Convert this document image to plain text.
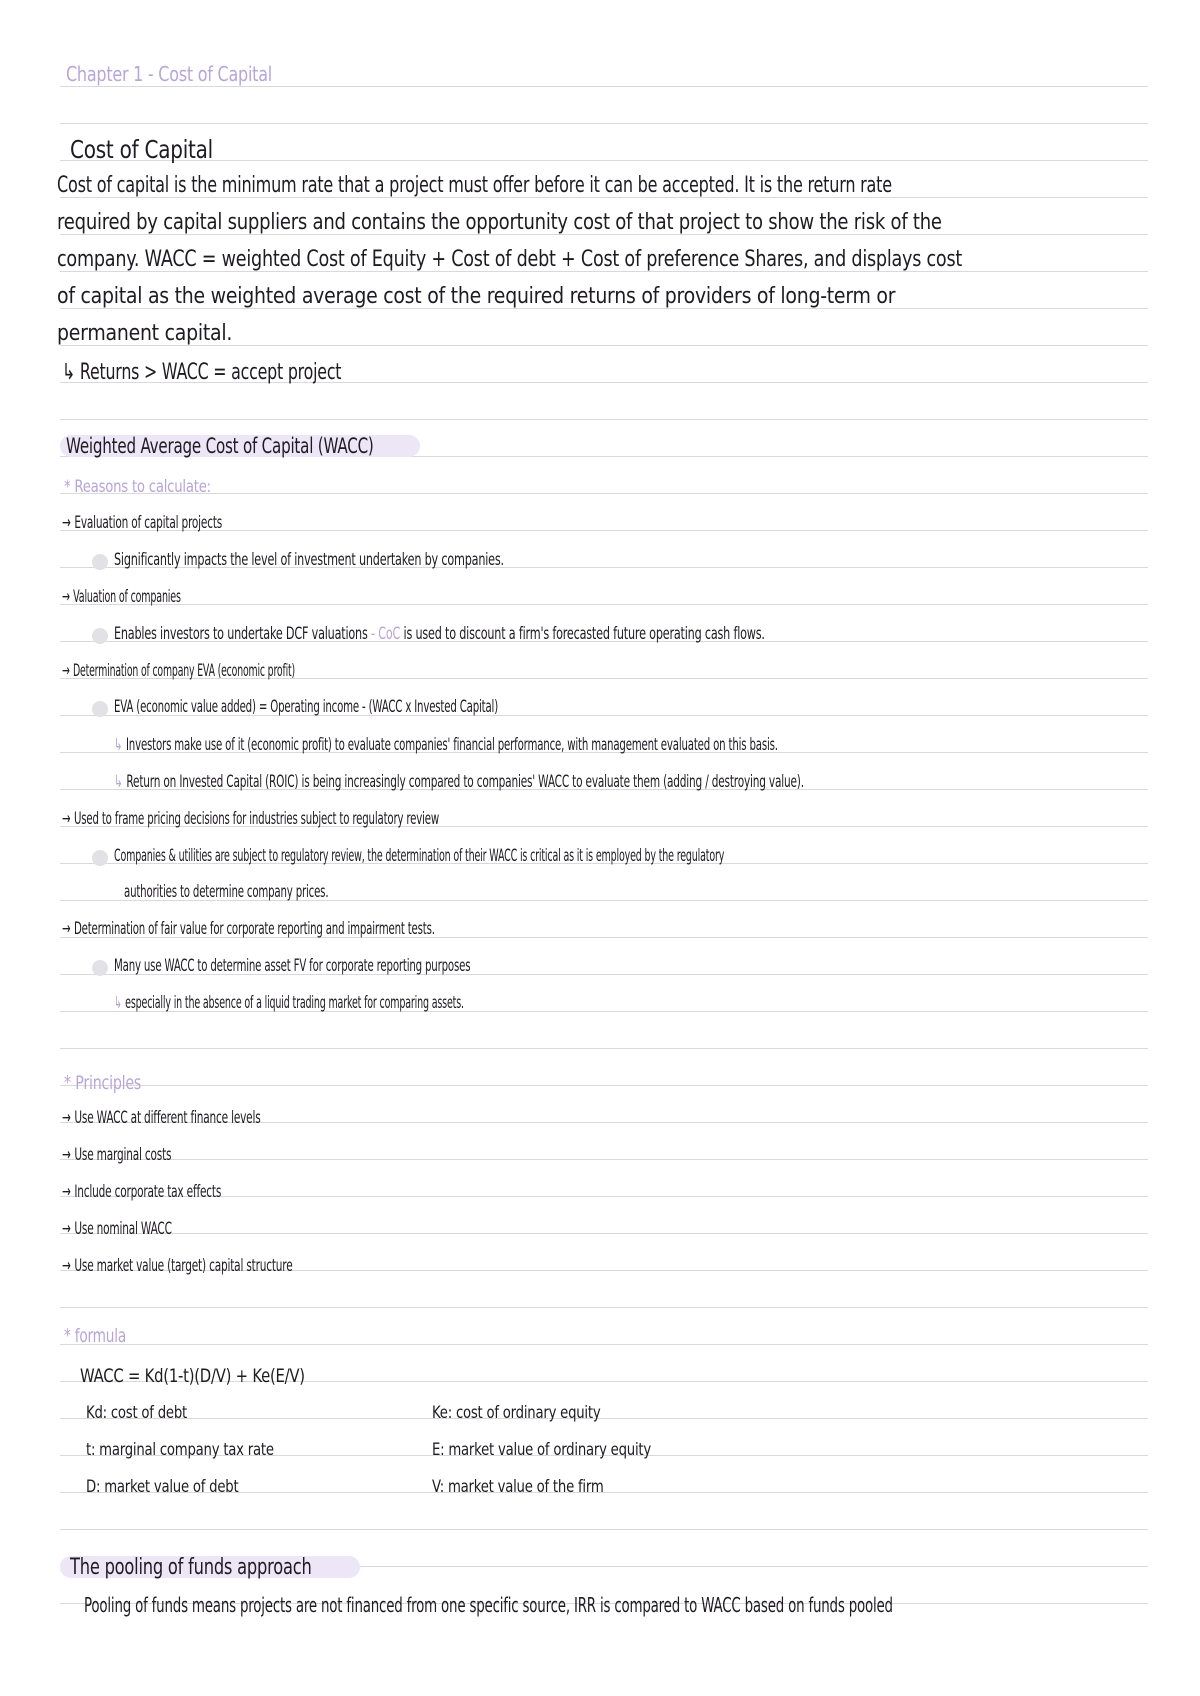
Chapter 1 - Cost of Capital
Cost of Capital
Cost of capital is the minimum rate that a project must offer before it can be accepted. It is the return rate
required by capital suppliers and contains the opportunity cost of that project to show the risk of the
company. WACC = weighted Cost of Equity + Cost of debt + Cost of preference Shares, and displays cost
of capital as the weighted average cost of the required returns of providers of long-term or
permanent capital.
↳ Returns > WACC = accept project
Weighted Average Cost of Capital (WACC)
* Reasons to calculate:
→ Evaluation of capital projects
Significantly impacts the level of investment undertaken by companies.
→ Valuation of companies
Enables investors to undertake DCF valuations - CoC is used to discount a firm's forecasted future operating cash flows.
→ Determination of company EVA (economic profit)
EVA (economic value added) = Operating income - (WACC x Invested Capital)
↳ Investors make use of it (economic profit) to evaluate companies' financial performance, with management evaluated on this basis.
↳ Return on Invested Capital (ROIC) is being increasingly compared to companies' WACC to evaluate them (adding / destroying value).
→ Used to frame pricing decisions for industries subject to regulatory review
Companies & utilities are subject to regulatory review, the determination of their WACC is critical as it is employed by the regulatory
authorities to determine company prices.
→ Determination of fair value for corporate reporting and impairment tests.
Many use WACC to determine asset FV for corporate reporting purposes
↳ especially in the absence of a liquid trading market for comparing assets.
* Principles
→ Use WACC at different finance levels
→ Use marginal costs
→ Include corporate tax effects
→ Use nominal WACC
→ Use market value (target) capital structure
* formula
WACC = Kd(1-t)(D/V) + Ke(E/V)
Kd: cost of debt
t: marginal company tax rate
D: market value of debt
Ke: cost of ordinary equity
E: market value of ordinary equity
V: market value of the firm
The pooling of funds approach
Pooling of funds means projects are not financed from one specific source, IRR is compared to WACC based on funds pooled
